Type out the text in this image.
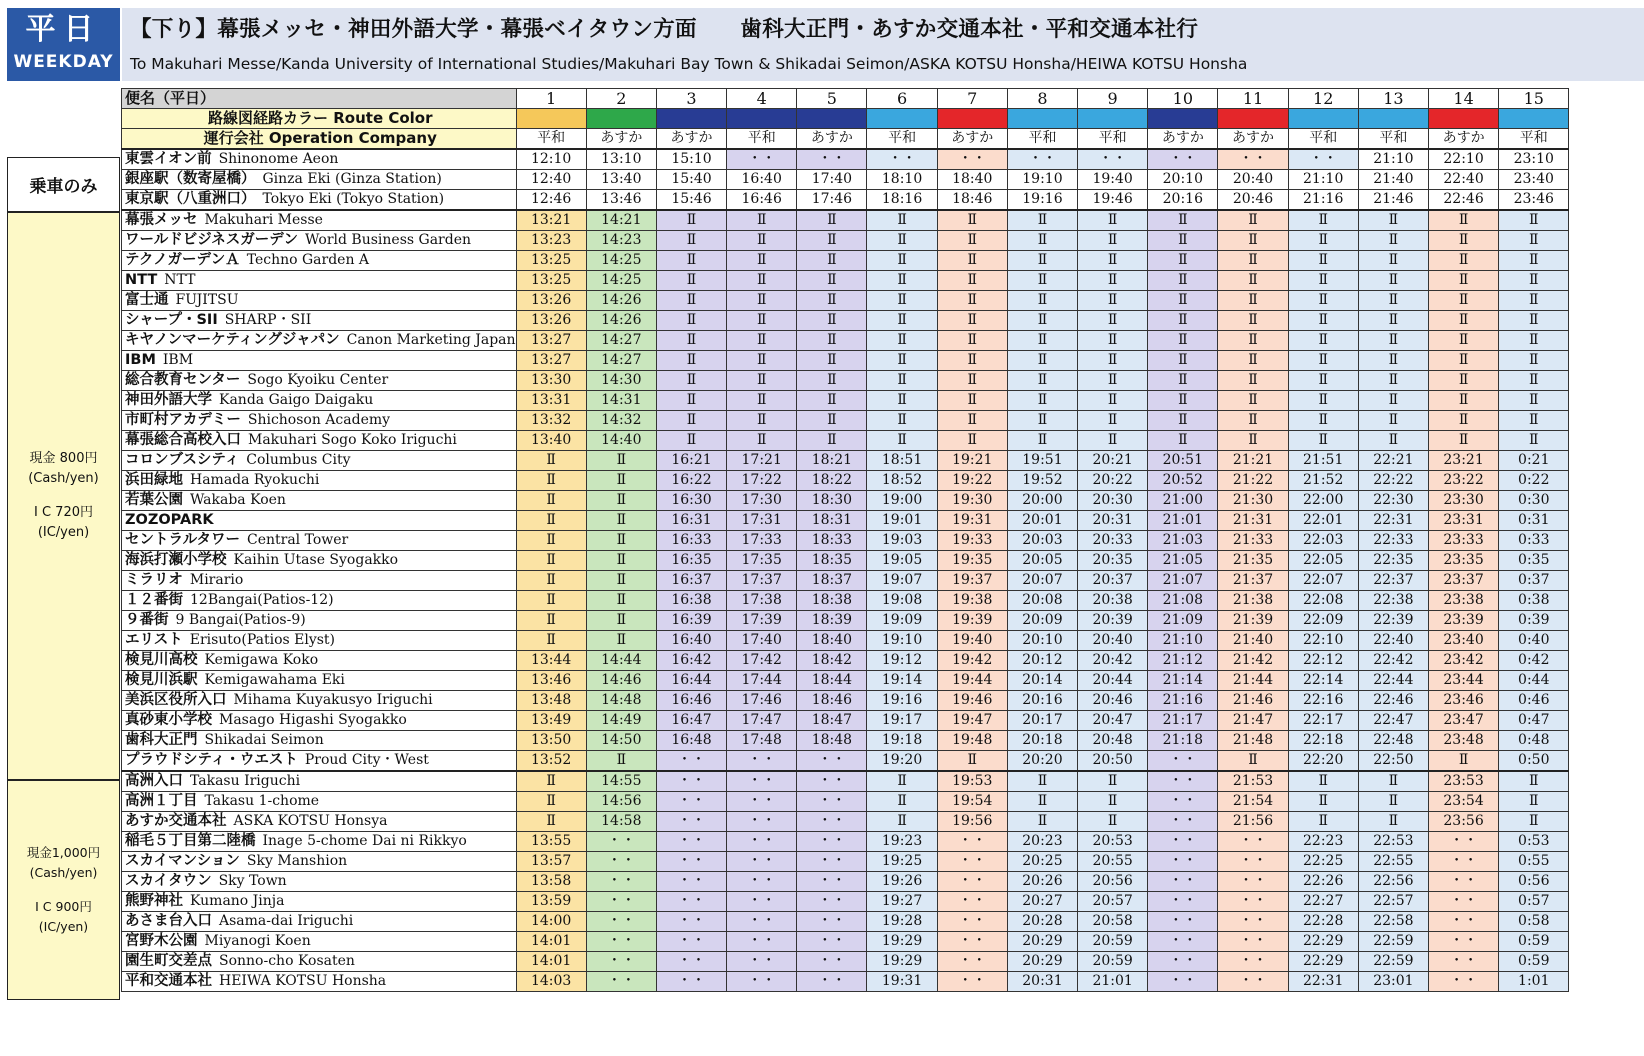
平日
WEEKDAY
【下り】幕張メッセ・神田外語大学・幕張ベイタウン方面　　歯科大正門・あすか交通本社・平和交通本社行
To Makuhari Messe/Kanda University of International Studies/Makuhari Bay Town & Shikadai Seimon/ASKA KOTSU Honsha/HEIWA KOTSU Honsha
乗車のみ
現金 800円
(Cash/yen)
I C 720円
(IC/yen)
現金1,000円
(Cash/yen)
I C 900円
(IC/yen)
便名（平日）	1	2	3	4	5	6	7	8	9	10	11	12	13	14	15
路線図経路カラー Route Color															
運行会社 Operation Company	平和	あすか	あすか	平和	あすか	平和	あすか	平和	平和	あすか	あすか	平和	平和	あすか	平和
東雲イオン前 Shinonome Aeon	12:10	13:10	15:10	・・	・・	・・	・・	・・	・・	・・	・・	・・	21:10	22:10	23:10
銀座駅（数寄屋橋） Ginza Eki (Ginza Station)	12:40	13:40	15:40	16:40	17:40	18:10	18:40	19:10	19:40	20:10	20:40	21:10	21:40	22:40	23:40
東京駅（八重洲口） Tokyo Eki (Tokyo Station)	12:46	13:46	15:46	16:46	17:46	18:16	18:46	19:16	19:46	20:16	20:46	21:16	21:46	22:46	23:46
幕張メッセ Makuhari Messe	13:21	14:21	Ⅱ	Ⅱ	Ⅱ	Ⅱ	Ⅱ	Ⅱ	Ⅱ	Ⅱ	Ⅱ	Ⅱ	Ⅱ	Ⅱ	Ⅱ
ワールドビジネスガーデン World Business Garden	13:23	14:23	Ⅱ	Ⅱ	Ⅱ	Ⅱ	Ⅱ	Ⅱ	Ⅱ	Ⅱ	Ⅱ	Ⅱ	Ⅱ	Ⅱ	Ⅱ
テクノガーデンＡ Techno Garden A	13:25	14:25	Ⅱ	Ⅱ	Ⅱ	Ⅱ	Ⅱ	Ⅱ	Ⅱ	Ⅱ	Ⅱ	Ⅱ	Ⅱ	Ⅱ	Ⅱ
NTT NTT	13:25	14:25	Ⅱ	Ⅱ	Ⅱ	Ⅱ	Ⅱ	Ⅱ	Ⅱ	Ⅱ	Ⅱ	Ⅱ	Ⅱ	Ⅱ	Ⅱ
富士通 FUJITSU	13:26	14:26	Ⅱ	Ⅱ	Ⅱ	Ⅱ	Ⅱ	Ⅱ	Ⅱ	Ⅱ	Ⅱ	Ⅱ	Ⅱ	Ⅱ	Ⅱ
シャープ・SII SHARP・SII	13:26	14:26	Ⅱ	Ⅱ	Ⅱ	Ⅱ	Ⅱ	Ⅱ	Ⅱ	Ⅱ	Ⅱ	Ⅱ	Ⅱ	Ⅱ	Ⅱ
キヤノンマーケティングジャパン Canon Marketing Japan	13:27	14:27	Ⅱ	Ⅱ	Ⅱ	Ⅱ	Ⅱ	Ⅱ	Ⅱ	Ⅱ	Ⅱ	Ⅱ	Ⅱ	Ⅱ	Ⅱ
IBM IBM	13:27	14:27	Ⅱ	Ⅱ	Ⅱ	Ⅱ	Ⅱ	Ⅱ	Ⅱ	Ⅱ	Ⅱ	Ⅱ	Ⅱ	Ⅱ	Ⅱ
総合教育センター Sogo Kyoiku Center	13:30	14:30	Ⅱ	Ⅱ	Ⅱ	Ⅱ	Ⅱ	Ⅱ	Ⅱ	Ⅱ	Ⅱ	Ⅱ	Ⅱ	Ⅱ	Ⅱ
神田外語大学 Kanda Gaigo Daigaku	13:31	14:31	Ⅱ	Ⅱ	Ⅱ	Ⅱ	Ⅱ	Ⅱ	Ⅱ	Ⅱ	Ⅱ	Ⅱ	Ⅱ	Ⅱ	Ⅱ
市町村アカデミー Shichoson Academy	13:32	14:32	Ⅱ	Ⅱ	Ⅱ	Ⅱ	Ⅱ	Ⅱ	Ⅱ	Ⅱ	Ⅱ	Ⅱ	Ⅱ	Ⅱ	Ⅱ
幕張総合高校入口 Makuhari Sogo Koko Iriguchi	13:40	14:40	Ⅱ	Ⅱ	Ⅱ	Ⅱ	Ⅱ	Ⅱ	Ⅱ	Ⅱ	Ⅱ	Ⅱ	Ⅱ	Ⅱ	Ⅱ
コロンブスシティ Columbus City	Ⅱ	Ⅱ	16:21	17:21	18:21	18:51	19:21	19:51	20:21	20:51	21:21	21:51	22:21	23:21	0:21
浜田緑地 Hamada Ryokuchi	Ⅱ	Ⅱ	16:22	17:22	18:22	18:52	19:22	19:52	20:22	20:52	21:22	21:52	22:22	23:22	0:22
若葉公園 Wakaba Koen	Ⅱ	Ⅱ	16:30	17:30	18:30	19:00	19:30	20:00	20:30	21:00	21:30	22:00	22:30	23:30	0:30
ZOZOPARK	Ⅱ	Ⅱ	16:31	17:31	18:31	19:01	19:31	20:01	20:31	21:01	21:31	22:01	22:31	23:31	0:31
セントラルタワー Central Tower	Ⅱ	Ⅱ	16:33	17:33	18:33	19:03	19:33	20:03	20:33	21:03	21:33	22:03	22:33	23:33	0:33
海浜打瀬小学校 Kaihin Utase Syogakko	Ⅱ	Ⅱ	16:35	17:35	18:35	19:05	19:35	20:05	20:35	21:05	21:35	22:05	22:35	23:35	0:35
ミラリオ Mirario	Ⅱ	Ⅱ	16:37	17:37	18:37	19:07	19:37	20:07	20:37	21:07	21:37	22:07	22:37	23:37	0:37
１２番街 12Bangai(Patios-12)	Ⅱ	Ⅱ	16:38	17:38	18:38	19:08	19:38	20:08	20:38	21:08	21:38	22:08	22:38	23:38	0:38
９番街 9 Bangai(Patios-9)	Ⅱ	Ⅱ	16:39	17:39	18:39	19:09	19:39	20:09	20:39	21:09	21:39	22:09	22:39	23:39	0:39
エリスト Erisuto(Patios Elyst)	Ⅱ	Ⅱ	16:40	17:40	18:40	19:10	19:40	20:10	20:40	21:10	21:40	22:10	22:40	23:40	0:40
検見川高校 Kemigawa Koko	13:44	14:44	16:42	17:42	18:42	19:12	19:42	20:12	20:42	21:12	21:42	22:12	22:42	23:42	0:42
検見川浜駅 Kemigawahama Eki	13:46	14:46	16:44	17:44	18:44	19:14	19:44	20:14	20:44	21:14	21:44	22:14	22:44	23:44	0:44
美浜区役所入口 Mihama Kuyakusyo Iriguchi	13:48	14:48	16:46	17:46	18:46	19:16	19:46	20:16	20:46	21:16	21:46	22:16	22:46	23:46	0:46
真砂東小学校 Masago Higashi Syogakko	13:49	14:49	16:47	17:47	18:47	19:17	19:47	20:17	20:47	21:17	21:47	22:17	22:47	23:47	0:47
歯科大正門 Shikadai Seimon	13:50	14:50	16:48	17:48	18:48	19:18	19:48	20:18	20:48	21:18	21:48	22:18	22:48	23:48	0:48
プラウドシティ・ウエスト Proud City・West	13:52	Ⅱ	・・	・・	・・	19:20	Ⅱ	20:20	20:50	・・	Ⅱ	22:20	22:50	Ⅱ	0:50
高洲入口 Takasu Iriguchi	Ⅱ	14:55	・・	・・	・・	Ⅱ	19:53	Ⅱ	Ⅱ	・・	21:53	Ⅱ	Ⅱ	23:53	Ⅱ
高洲１丁目 Takasu 1-chome	Ⅱ	14:56	・・	・・	・・	Ⅱ	19:54	Ⅱ	Ⅱ	・・	21:54	Ⅱ	Ⅱ	23:54	Ⅱ
あすか交通本社 ASKA KOTSU Honsya	Ⅱ	14:58	・・	・・	・・	Ⅱ	19:56	Ⅱ	Ⅱ	・・	21:56	Ⅱ	Ⅱ	23:56	Ⅱ
稲毛５丁目第二陸橋 Inage 5-chome Dai ni Rikkyo	13:55	・・	・・	・・	・・	19:23	・・	20:23	20:53	・・	・・	22:23	22:53	・・	0:53
スカイマンション Sky Manshion	13:57	・・	・・	・・	・・	19:25	・・	20:25	20:55	・・	・・	22:25	22:55	・・	0:55
スカイタウン Sky Town	13:58	・・	・・	・・	・・	19:26	・・	20:26	20:56	・・	・・	22:26	22:56	・・	0:56
熊野神社 Kumano Jinja	13:59	・・	・・	・・	・・	19:27	・・	20:27	20:57	・・	・・	22:27	22:57	・・	0:57
あさま台入口 Asama-dai Iriguchi	14:00	・・	・・	・・	・・	19:28	・・	20:28	20:58	・・	・・	22:28	22:58	・・	0:58
宮野木公園 Miyanogi Koen	14:01	・・	・・	・・	・・	19:29	・・	20:29	20:59	・・	・・	22:29	22:59	・・	0:59
園生町交差点 Sonno-cho Kosaten	14:01	・・	・・	・・	・・	19:29	・・	20:29	20:59	・・	・・	22:29	22:59	・・	0:59
平和交通本社 HEIWA KOTSU Honsha	14:03	・・	・・	・・	・・	19:31	・・	20:31	21:01	・・	・・	22:31	23:01	・・	1:01
